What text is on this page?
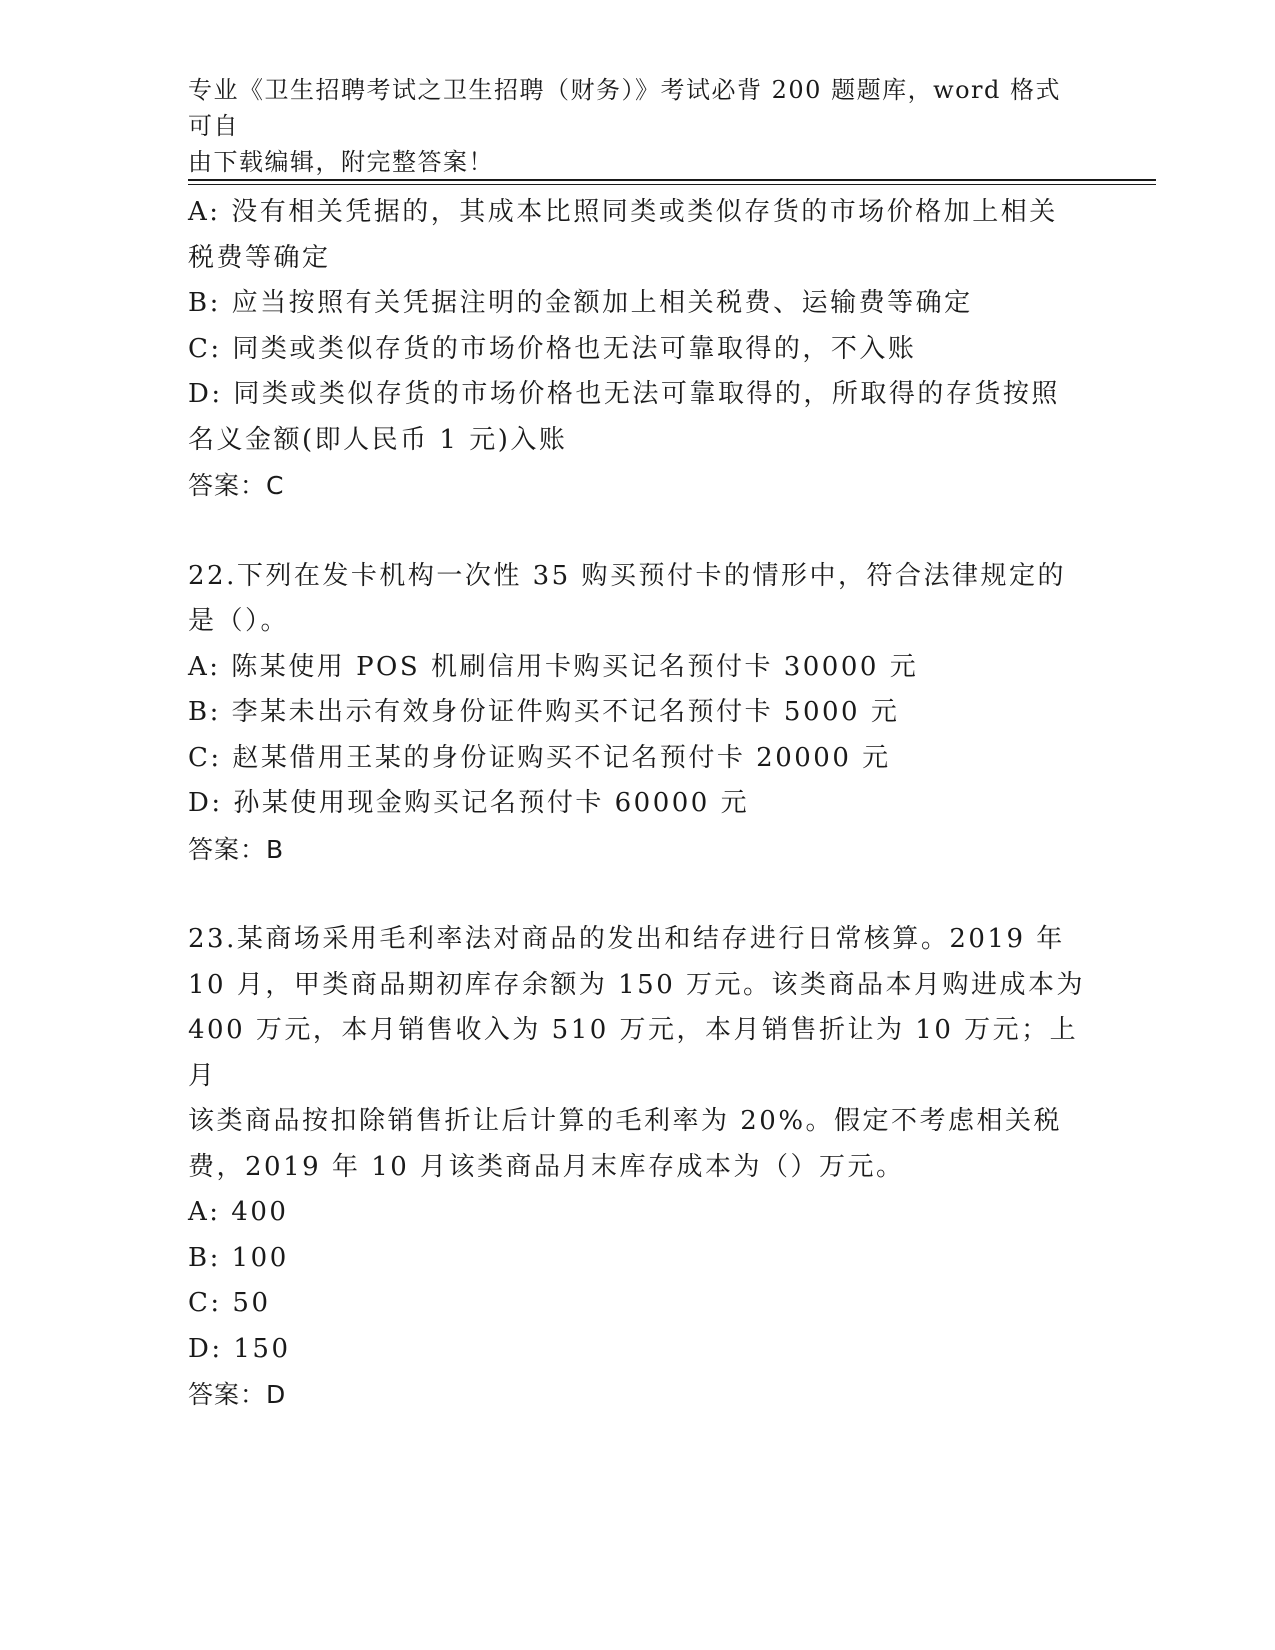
专业《卫生招聘考试之卫生招聘（财务）》考试必背 200 题题库，word 格式可自
由下载编辑，附完整答案！

A: 没有相关凭据的，其成本比照同类或类似存货的市场价格加上相关

税费等确定

B: 应当按照有关凭据注明的金额加上相关税费、运输费等确定

C: 同类或类似存货的市场价格也无法可靠取得的，不入账

D: 同类或类似存货的市场价格也无法可靠取得的，所取得的存货按照

名义金额(即人民币 1 元)入账

答案：C

22.下列在发卡机构一次性 35 购买预付卡的情形中，符合法律规定的

是（）。

A: 陈某使用 POS 机刷信用卡购买记名预付卡 30000 元

B: 李某未出示有效身份证件购买不记名预付卡 5000 元

C: 赵某借用王某的身份证购买不记名预付卡 20000 元

D: 孙某使用现金购买记名预付卡 60000 元

答案：B

23.某商场采用毛利率法对商品的发出和结存进行日常核算。2019 年

10 月，甲类商品期初库存余额为 150 万元。该类商品本月购进成本为

400 万元，本月销售收入为 510 万元，本月销售折让为 10 万元；上月

该类商品按扣除销售折让后计算的毛利率为 20%。假定不考虑相关税

费，2019 年 10 月该类商品月末库存成本为（）万元。

A: 400

B: 100

C: 50

D: 150

答案：D
